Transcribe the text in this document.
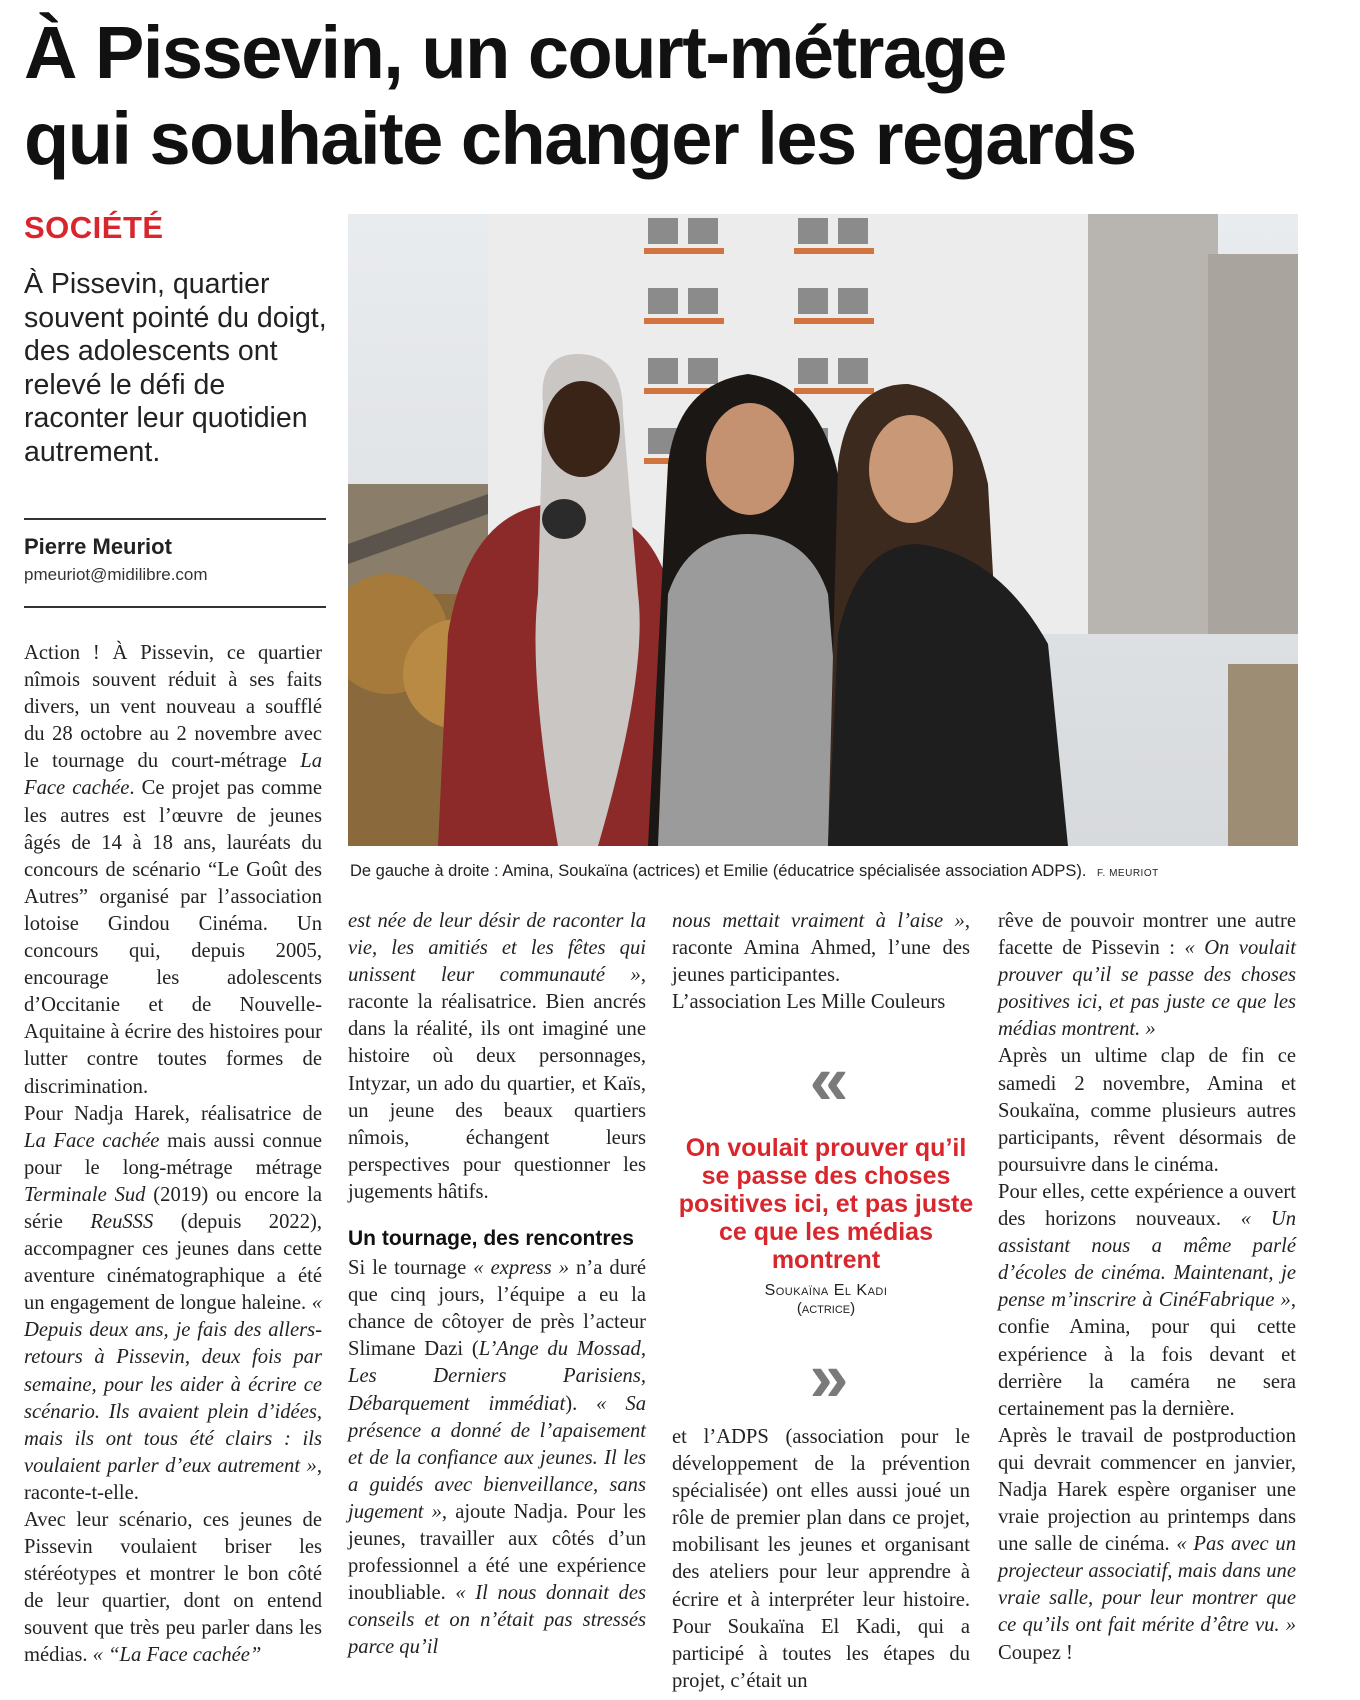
À Pissevin, un court-métrage
qui souhaite changer les regards
SOCIÉTÉ
À Pissevin, quartier souvent pointé du doigt, des adolescents ont relevé le défi de raconter leur quotidien autrement.
Pierre Meuriot
pmeuriot@midilibre.com
De gauche à droite : Amina, Soukaïna (actrices) et Emilie (éducatrice spécialisée association ADPS). F. MEURIOT

Action ! À Pissevin, ce quartier nîmois souvent réduit à ses faits divers, un vent nouveau a soufflé du 28 octobre au 2 novembre avec le tournage du court-métrage La Face cachée. Ce projet pas comme les autres est l’œuvre de jeunes âgés de 14 à 18 ans, lauréats du concours de scénario “Le Goût des Autres” organisé par l’association lotoise Gindou Cinéma. Un concours qui, depuis 2005, encourage les adolescents d’Occitanie et de Nouvelle-Aquitaine à écrire des histoires pour lutter contre toutes formes de discrimination.

Pour Nadja Harek, réalisatrice de La Face cachée mais aussi connue pour le long-métrage métrage Terminale Sud (2019) ou encore la série ReuSSS (depuis 2022), accompagner ces jeunes dans cette aventure cinématographique a été un engagement de longue haleine. « Depuis deux ans, je fais des allers-retours à Pissevin, deux fois par semaine, pour les aider à écrire ce scénario. Ils avaient plein d’idées, mais ils ont tous été clairs : ils voulaient parler d’eux autrement », raconte-t-elle.

Avec leur scénario, ces jeunes de Pissevin voulaient briser les stéréotypes et montrer le bon côté de leur quartier, dont on entend souvent que très peu parler dans les médias. « “La Face cachée”

est née de leur désir de raconter la vie, les amitiés et les fêtes qui unissent leur communauté », raconte la réalisatrice. Bien ancrés dans la réalité, ils ont imaginé une histoire où deux personnages, Intyzar, un ado du quartier, et Kaïs, un jeune des beaux quartiers nîmois, échangent leurs perspectives pour questionner les jugements hâtifs.

Un tournage, des rencontres

Si le tournage « express » n’a duré que cinq jours, l’équipe a eu la chance de côtoyer de près l’acteur Slimane Dazi (L’Ange du Mossad, Les Derniers Parisiens, Débarquement immédiat). « Sa présence a donné de l’apaisement et de la confiance aux jeunes. Il les a guidés avec bienveillance, sans jugement », ajoute Nadja. Pour les jeunes, travailler aux côtés d’un professionnel a été une expérience inoubliable. « Il nous donnait des conseils et on n’était pas stressés parce qu’il

nous mettait vraiment à l’aise », raconte Amina Ahmed, l’une des jeunes participantes.

L’association Les Mille Couleurs

«
On voulait prouver qu’il se passe des choses positives ici, et pas juste ce que les médias montrent
Soukaïna El Kadi
(actrice)
»

et l’ADPS (association pour le développement de la prévention spécialisée) ont elles aussi joué un rôle de premier plan dans ce projet, mobilisant les jeunes et organisant des ateliers pour leur apprendre à écrire et à interpréter leur histoire. Pour Soukaïna El Kadi, qui a participé à toutes les étapes du projet, c’était un

rêve de pouvoir montrer une autre facette de Pissevin : « On voulait prouver qu’il se passe des choses positives ici, et pas juste ce que les médias montrent. »

Après un ultime clap de fin ce samedi 2 novembre, Amina et Soukaïna, comme plusieurs autres participants, rêvent désormais de poursuivre dans le cinéma.

Pour elles, cette expérience a ouvert des horizons nouveaux. « Un assistant nous a même parlé d’écoles de cinéma. Maintenant, je pense m’inscrire à CinéFabrique », confie Amina, pour qui cette expérience à la fois devant et derrière la caméra ne sera certainement pas la dernière.

Après le travail de postproduction qui devrait commencer en janvier, Nadja Harek espère organiser une vraie projection au printemps dans une salle de cinéma. « Pas avec un projecteur associatif, mais dans une vraie salle, pour leur montrer que ce qu’ils ont fait mérite d’être vu. » Coupez !
